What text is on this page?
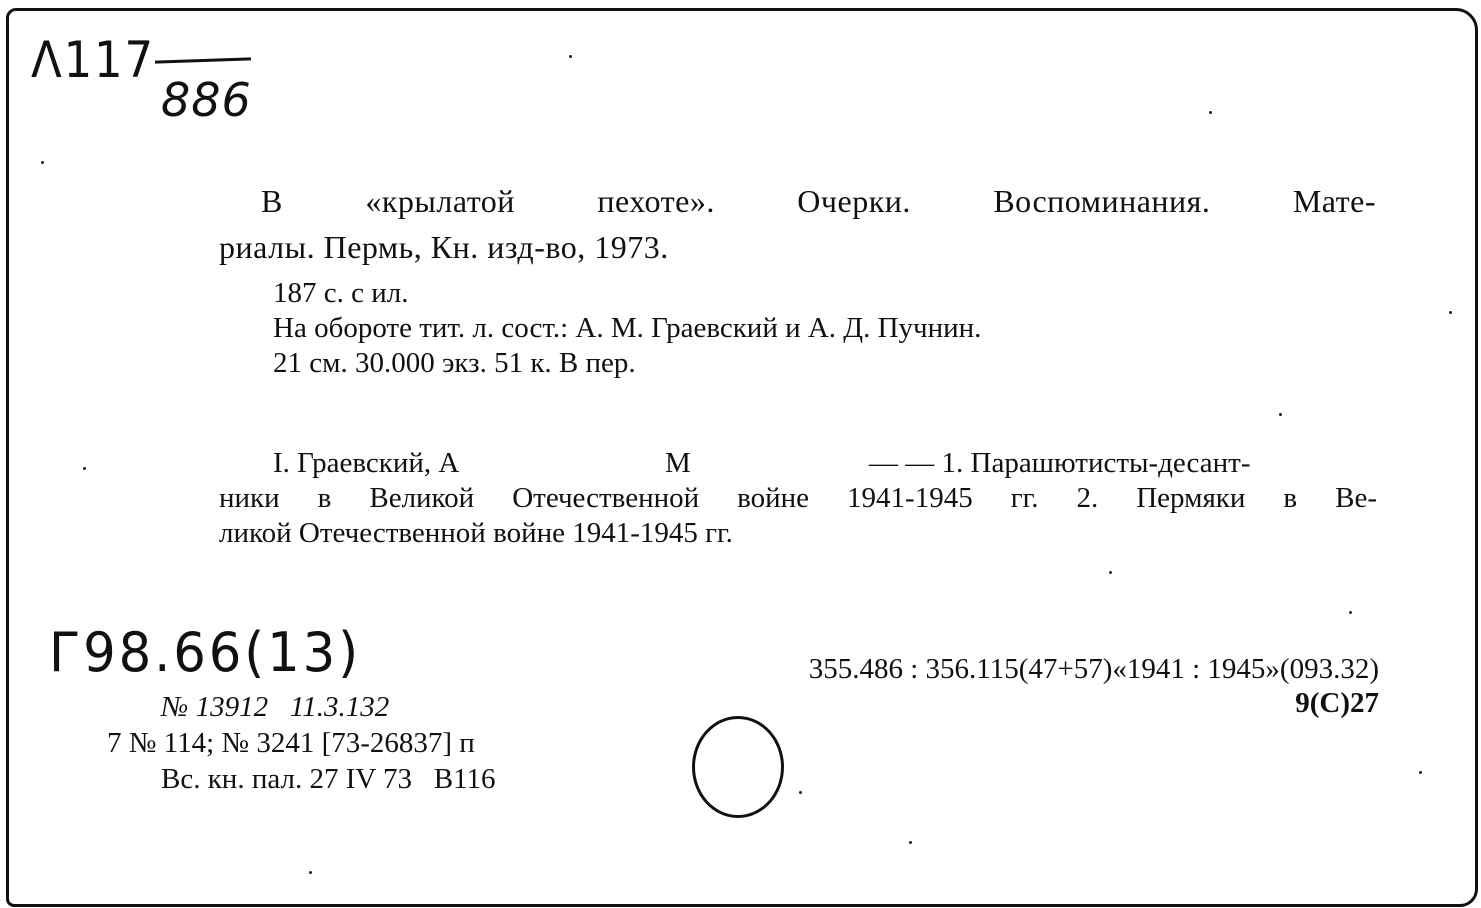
Λ117
886
В «крылатой пехоте». Очерки. Воспоминания. Мате-
риалы. Пермь, Кн. изд-во, 1973.
187 с. с ил.
На обороте тит. л. сост.: А. М. Граевский и А. Д. Пучнин.
21 см. 30.000 экз. 51 к. В пер.
I. Граевский, А	М	— — 1. Парашютисты-десант-
ники в Великой Отечественной войне 1941-1945 гг. 2. Пермяки в Ве-
ликой Отечественной войне 1941-1945 гг.
Г98.66(13)	355.486 : 356.115(47+57)«1941 : 1945»(093.32)
9(С)27
№ 13912   11.3.132
7 № 114; № 3241 [73-26837] п
Вс. кн. пал. 27 IV 73   В116
